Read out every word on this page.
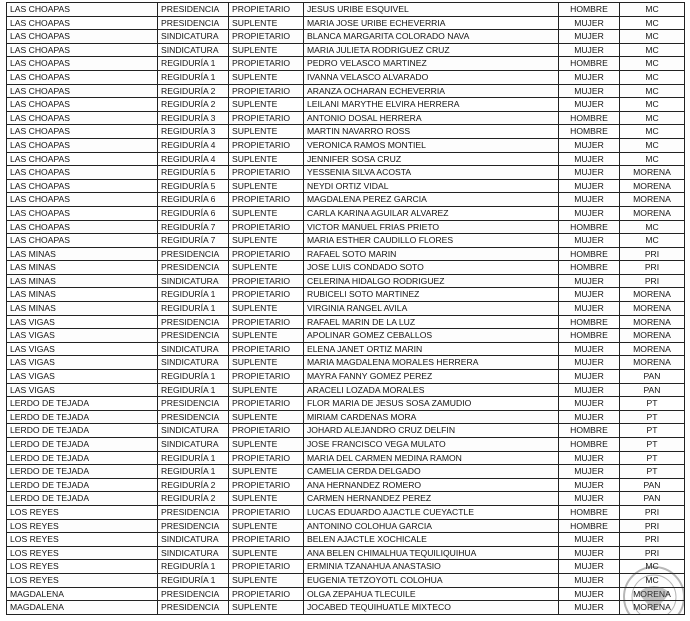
LAS CHOAPAS	PRESIDENCIA	PROPIETARIO	JESUS URIBE ESQUIVEL	HOMBRE	MC
LAS CHOAPAS	PRESIDENCIA	SUPLENTE	MARIA JOSE URIBE ECHEVERRIA	MUJER	MC
LAS CHOAPAS	SINDICATURA	PROPIETARIO	BLANCA MARGARITA COLORADO NAVA	MUJER	MC
LAS CHOAPAS	SINDICATURA	SUPLENTE	MARIA JULIETA RODRIGUEZ CRUZ	MUJER	MC
LAS CHOAPAS	REGIDURÍA 1	PROPIETARIO	PEDRO VELASCO MARTINEZ	HOMBRE	MC
LAS CHOAPAS	REGIDURÍA 1	SUPLENTE	IVANNA VELASCO ALVARADO	MUJER	MC
LAS CHOAPAS	REGIDURÍA 2	PROPIETARIO	ARANZA OCHARAN ECHEVERRIA	MUJER	MC
LAS CHOAPAS	REGIDURÍA 2	SUPLENTE	LEILANI MARYTHE ELVIRA HERRERA	MUJER	MC
LAS CHOAPAS	REGIDURÍA 3	PROPIETARIO	ANTONIO DOSAL HERRERA	HOMBRE	MC
LAS CHOAPAS	REGIDURÍA 3	SUPLENTE	MARTIN NAVARRO ROSS	HOMBRE	MC
LAS CHOAPAS	REGIDURÍA 4	PROPIETARIO	VERONICA RAMOS MONTIEL	MUJER	MC
LAS CHOAPAS	REGIDURÍA 4	SUPLENTE	JENNIFER SOSA CRUZ	MUJER	MC
LAS CHOAPAS	REGIDURÍA 5	PROPIETARIO	YESSENIA SILVA ACOSTA	MUJER	MORENA
LAS CHOAPAS	REGIDURÍA 5	SUPLENTE	NEYDI ORTIZ VIDAL	MUJER	MORENA
LAS CHOAPAS	REGIDURÍA 6	PROPIETARIO	MAGDALENA PEREZ GARCIA	MUJER	MORENA
LAS CHOAPAS	REGIDURÍA 6	SUPLENTE	CARLA KARINA AGUILAR ALVAREZ	MUJER	MORENA
LAS CHOAPAS	REGIDURÍA 7	PROPIETARIO	VICTOR MANUEL FRIAS PRIETO	HOMBRE	MC
LAS CHOAPAS	REGIDURÍA 7	SUPLENTE	MARIA ESTHER CAUDILLO FLORES	MUJER	MC
LAS MINAS	PRESIDENCIA	PROPIETARIO	RAFAEL SOTO MARIN	HOMBRE	PRI
LAS MINAS	PRESIDENCIA	SUPLENTE	JOSE LUIS CONDADO SOTO	HOMBRE	PRI
LAS MINAS	SINDICATURA	PROPIETARIO	CELERINA HIDALGO RODRIGUEZ	MUJER	PRI
LAS MINAS	REGIDURÍA 1	PROPIETARIO	RUBICELI SOTO MARTINEZ	MUJER	MORENA
LAS MINAS	REGIDURÍA 1	SUPLENTE	VIRGINIA RANGEL AVILA	MUJER	MORENA
LAS VIGAS	PRESIDENCIA	PROPIETARIO	RAFAEL MARIN DE LA LUZ	HOMBRE	MORENA
LAS VIGAS	PRESIDENCIA	SUPLENTE	APOLINAR GOMEZ CEBALLOS	HOMBRE	MORENA
LAS VIGAS	SINDICATURA	PROPIETARIO	ELENA JANET ORTIZ MARIN	MUJER	MORENA
LAS VIGAS	SINDICATURA	SUPLENTE	MARIA MAGDALENA MORALES HERRERA	MUJER	MORENA
LAS VIGAS	REGIDURÍA 1	PROPIETARIO	MAYRA FANNY GOMEZ PEREZ	MUJER	PAN
LAS VIGAS	REGIDURÍA 1	SUPLENTE	ARACELI LOZADA MORALES	MUJER	PAN
LERDO DE TEJADA	PRESIDENCIA	PROPIETARIO	FLOR MARIA DE JESUS SOSA ZAMUDIO	MUJER	PT
LERDO DE TEJADA	PRESIDENCIA	SUPLENTE	MIRIAM CARDENAS MORA	MUJER	PT
LERDO DE TEJADA	SINDICATURA	PROPIETARIO	JOHARD ALEJANDRO CRUZ DELFIN	HOMBRE	PT
LERDO DE TEJADA	SINDICATURA	SUPLENTE	JOSE FRANCISCO VEGA MULATO	HOMBRE	PT
LERDO DE TEJADA	REGIDURÍA 1	PROPIETARIO	MARIA DEL CARMEN MEDINA RAMON	MUJER	PT
LERDO DE TEJADA	REGIDURÍA 1	SUPLENTE	CAMELIA CERDA DELGADO	MUJER	PT
LERDO DE TEJADA	REGIDURÍA 2	PROPIETARIO	ANA HERNANDEZ ROMERO	MUJER	PAN
LERDO DE TEJADA	REGIDURÍA 2	SUPLENTE	CARMEN HERNANDEZ PEREZ	MUJER	PAN
LOS REYES	PRESIDENCIA	PROPIETARIO	LUCAS EDUARDO AJACTLE CUEYACTLE	HOMBRE	PRI
LOS REYES	PRESIDENCIA	SUPLENTE	ANTONINO COLOHUA GARCIA	HOMBRE	PRI
LOS REYES	SINDICATURA	PROPIETARIO	BELEN AJACTLE XOCHICALE	MUJER	PRI
LOS REYES	SINDICATURA	SUPLENTE	ANA BELEN CHIMALHUA TEQUILIQUIHUA	MUJER	PRI
LOS REYES	REGIDURÍA 1	PROPIETARIO	ERMINIA TZANAHUA ANASTASIO	MUJER	MC
LOS REYES	REGIDURÍA 1	SUPLENTE	EUGENIA TETZOYOTL COLOHUA	MUJER	MC
MAGDALENA	PRESIDENCIA	PROPIETARIO	OLGA ZEPAHUA TLECUILE	MUJER	MORENA
MAGDALENA	PRESIDENCIA	SUPLENTE	JOCABED TEQUIHUATLE MIXTECO	MUJER	MORENA
